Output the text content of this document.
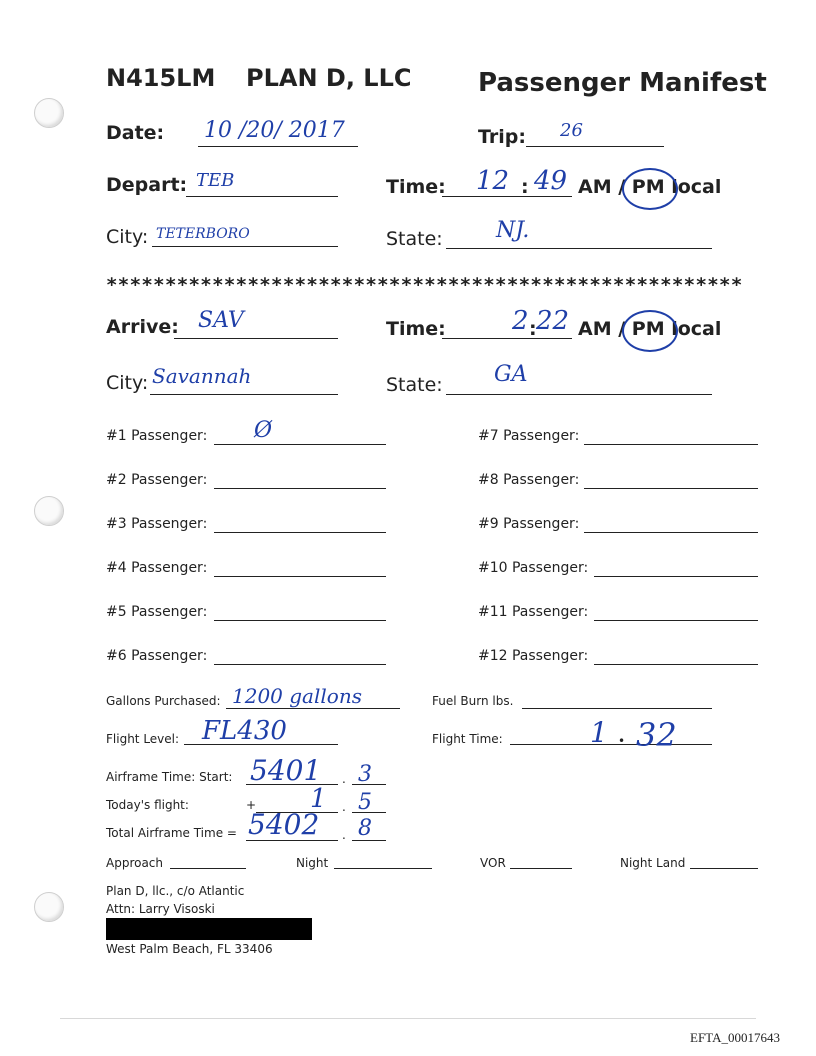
N415LM PLAN D, LLC	Passenger Manifest
Date: 10 /20/ 2017	Trip: 26
Depart: TEB	Time: 12 : 49 AM / PM local
City: TETERBORO	State: NJ.
******************************************************
Arrive: SAV	Time:	2 : 22 AM / PM local
City: Savannah	State: GA
#1 Passenger: Ø
#2 Passenger:
#3 Passenger:
#4 Passenger:
#5 Passenger:
#6 Passenger:
#7 Passenger:
#8 Passenger:
#9 Passenger:
#10 Passenger:
#11 Passenger:
#12 Passenger:
Gallons Purchased: 1200 gallons	Fuel Burn lbs.
Flight Level: FL430	Flight Time:	1 • 32
Airframe Time: Start: 5401 . 3
Today's flight:	+ 1 . 5
Total Airframe Time = 5402 . 8
Approach	Night	VOR	Night Land
Plan D, llc., c/o Atlantic
Attn: Larry Visoski
West Palm Beach, FL 33406
EFTA_00017643
